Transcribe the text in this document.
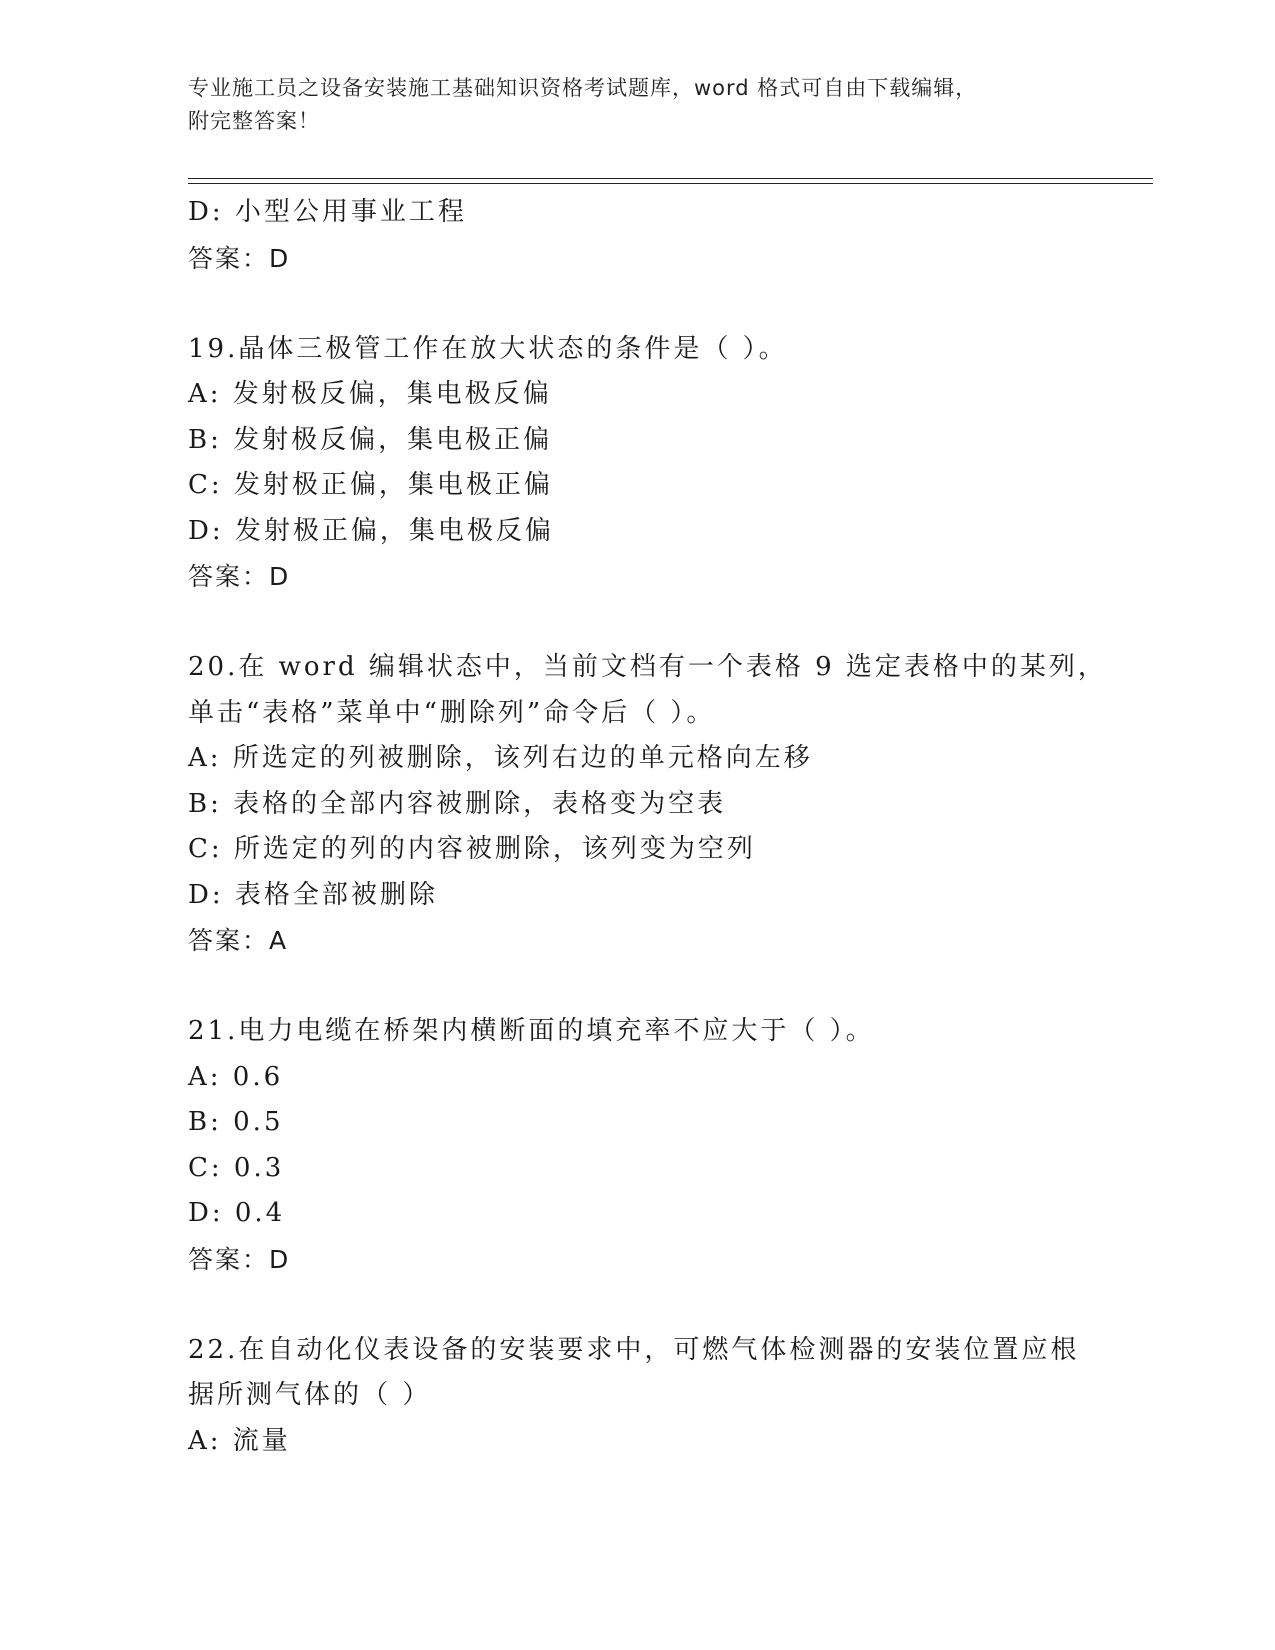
专业施工员之设备安装施工基础知识资格考试题库，word 格式可自由下载编辑，
附完整答案！
D: 小型公用事业工程
答案：D
19.晶体三极管工作在放大状态的条件是（ ）。
A: 发射极反偏，集电极反偏
B: 发射极反偏，集电极正偏
C: 发射极正偏，集电极正偏
D: 发射极正偏，集电极反偏
答案：D
20.在 word 编辑状态中，当前文档有一个表格 9 选定表格中的某列，
单击“表格”菜单中“删除列”命令后（ ）。
A: 所选定的列被删除，该列右边的单元格向左移
B: 表格的全部内容被删除，表格变为空表
C: 所选定的列的内容被删除，该列变为空列
D: 表格全部被删除
答案：A
21.电力电缆在桥架内横断面的填充率不应大于（ ）。
A: 0.6
B: 0.5
C: 0.3
D: 0.4
答案：D
22.在自动化仪表设备的安装要求中，可燃气体检测器的安装位置应根
据所测气体的（ ）
A: 流量
